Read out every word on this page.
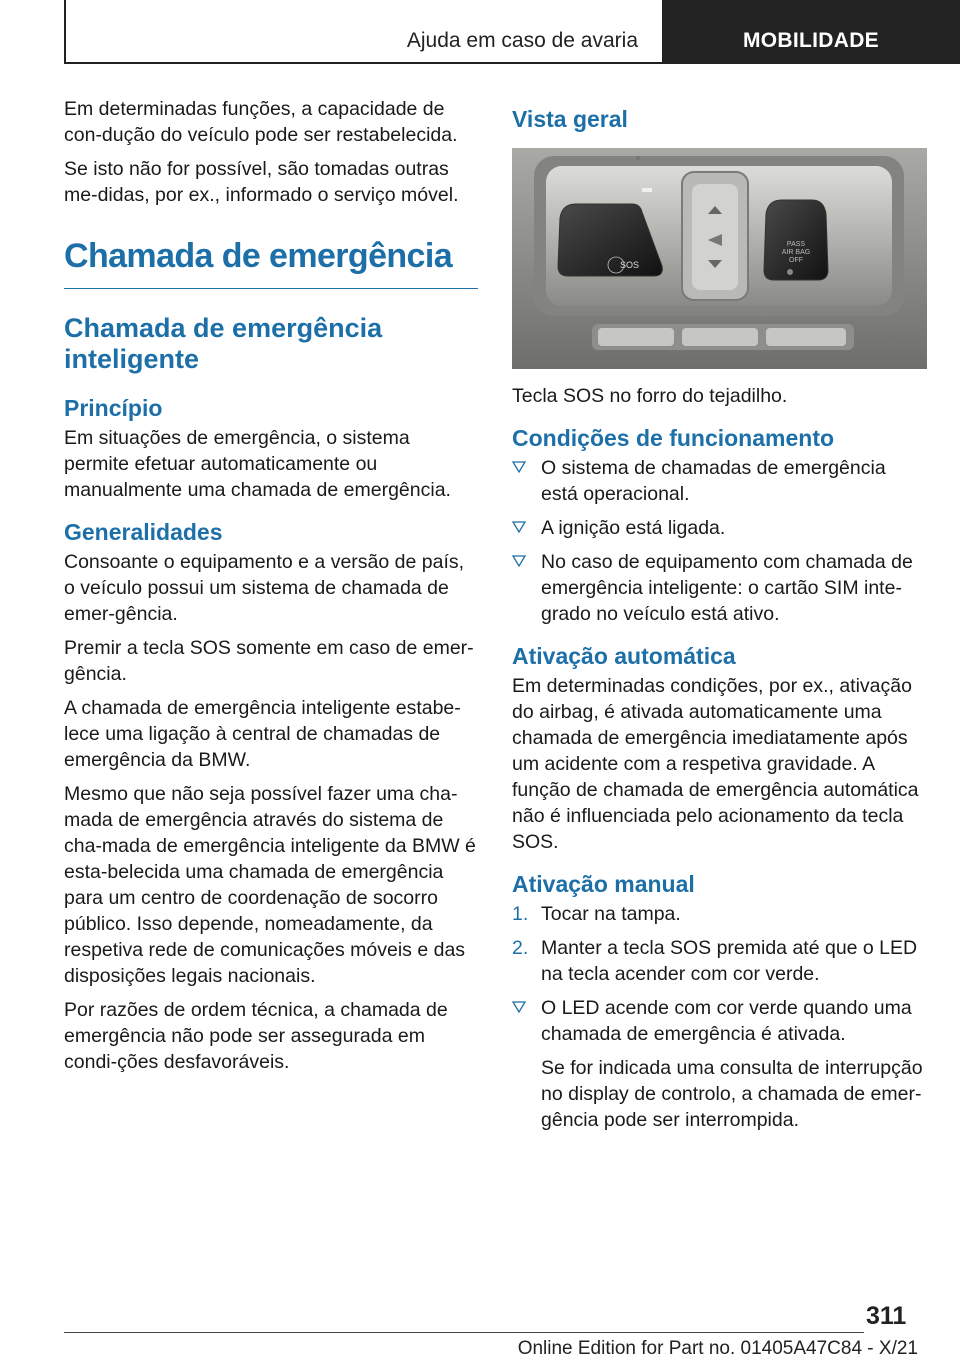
Ajuda em caso de avaria	MOBILIDADE

Em determinadas funções, a capacidade de con‐dução do veículo pode ser restabelecida.

Se isto não for possível, são tomadas outras me‐didas, por ex., informado o serviço móvel.

Chamada de emergência
Chamada de emergência inteligente
Princípio

Em situações de emergência, o sistema permite efetuar automaticamente ou manualmente uma chamada de emergência.

Generalidades

Consoante o equipamento e a versão de país, o veículo possui um sistema de chamada de emer‐gência.

Premir a tecla SOS somente em caso de emer‐gência.

A chamada de emergência inteligente estabe‐lece uma ligação à central de chamadas de emergência da BMW.

Mesmo que não seja possível fazer uma cha‐mada de emergência através do sistema de cha‐mada de emergência inteligente da BMW é esta‐belecida uma chamada de emergência para um centro de coordenação de socorro público. Isso depende, nomeadamente, da respetiva rede de comunicações móveis e das disposições legais nacionais.

Por razões de ordem técnica, a chamada de emergência não pode ser assegurada em condi‐ções desfavoráveis.

Vista geral
SOS
PASS
AIR BAG
OFF

Tecla SOS no forro do tejadilho.

Condições de funcionamento
O sistema de chamadas de emergência está operacional.
A ignição está ligada.
No caso de equipamento com chamada de emergência inteligente: o cartão SIM inte‐grado no veículo está ativo.
Ativação automática

Em determinadas condições, por ex., ativação do airbag, é ativada automaticamente uma chamada de emergência imediatamente após um acidente com a respetiva gravidade. A função de chamada de emergência automática não é influenciada pelo acionamento da tecla SOS.

Ativação manual
1. Tocar na tampa.
2. Manter a tecla SOS premida até que o LED na tecla acender com cor verde.
O LED acende com cor verde quando uma chamada de emergência é ativada.
Se for indicada uma consulta de interrupção no display de controlo, a chamada de emer‐gência pode ser interrompida.
311
Online Edition for Part no. 01405A47C84 - X/21
